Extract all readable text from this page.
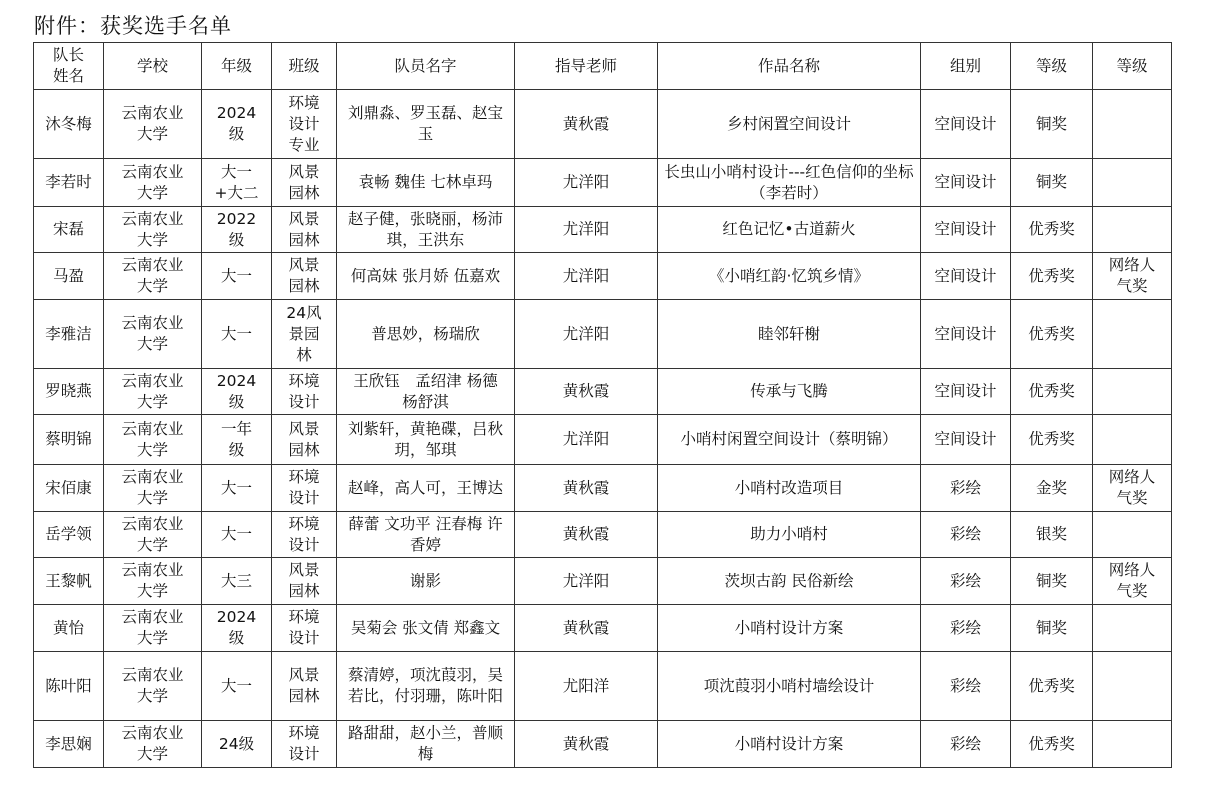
附件：获奖选手名单
队长姓名	学校	年级	班级	队员名字	指导老师	作品名称	组别	等级	等级
沐冬梅	云南农业大学	2024级	环境设计专业	刘鼎淼、罗玉磊、赵宝玉	黄秋霞	乡村闲置空间设计	空间设计	铜奖	

李若时	云南农业大学	大一+大二	风景园林	袁畅 魏佳 七林卓玛	尤洋阳	长虫山小哨村设计---红色信仰的坐标（李若时）	空间设计	铜奖	

宋磊	云南农业大学	2022级	风景园林	赵子健，张晓丽，杨沛琪，王洪东	尤洋阳	红色记忆•古道薪火	空间设计	优秀奖	

马盈	云南农业大学	大一	风景园林	何高妹 张月娇 伍嘉欢	尤洋阳	《小哨红韵·忆筑乡情》	空间设计	优秀奖	网络人气奖

李雅洁	云南农业大学	大一	24风景园林	普思妙，杨瑞欣	尤洋阳	睦邻轩榭	空间设计	优秀奖	

罗晓燕	云南农业大学	2024级	环境设计	王欣钰　孟绍津 杨德　杨舒淇	黄秋霞	传承与飞腾	空间设计	优秀奖	

蔡明锦	云南农业大学	一年级	风景园林	刘紫轩，黄艳碟，吕秋玥，邹琪	尤洋阳	小哨村闲置空间设计（蔡明锦）	空间设计	优秀奖	

宋佰康	云南农业大学	大一	环境设计	赵峰，高人可，王博达	黄秋霞	小哨村改造项目	彩绘	金奖	网络人气奖

岳学领	云南农业大学	大一	环境设计	薛蕾 文功平 汪春梅 许香婷	黄秋霞	助力小哨村	彩绘	银奖	

王黎帆	云南农业大学	大三	风景园林	谢影	尤洋阳	茨坝古韵 民俗新绘	彩绘	铜奖	网络人气奖

黄怡	云南农业大学	2024级	环境设计	吴菊会 张文倩 郑鑫文	黄秋霞	小哨村设计方案	彩绘	铜奖	

陈叶阳	云南农业大学	大一	风景园林	蔡清婷，项沈葭羽，吴若比，付羽珊，陈叶阳	尤阳洋	项沈葭羽小哨村墙绘设计	彩绘	优秀奖	

李思娴	云南农业大学	24级	环境设计	路甜甜，赵小兰，普顺梅	黄秋霞	小哨村设计方案	彩绘	优秀奖	
